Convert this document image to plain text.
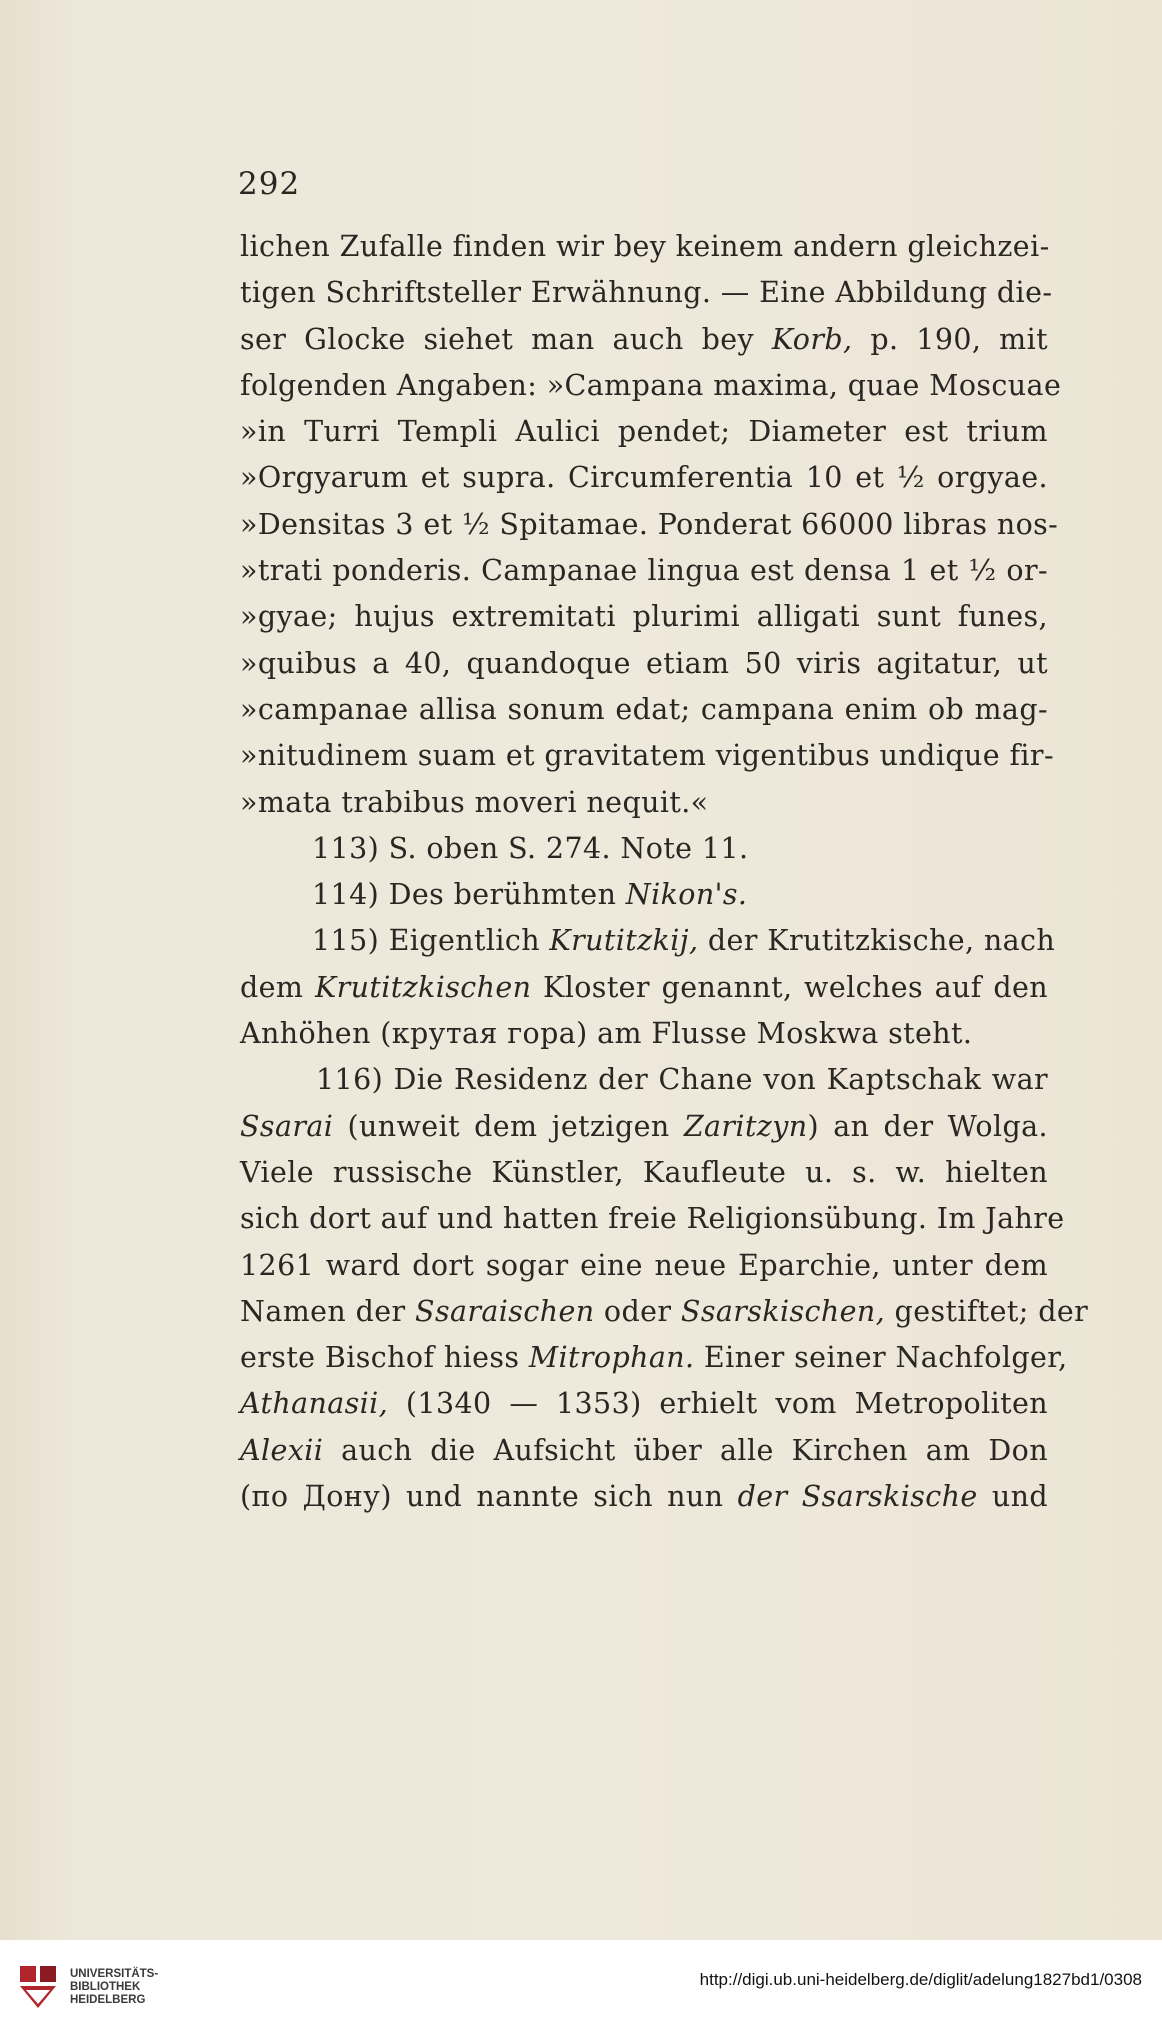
292
lichen Zufalle finden wir bey keinem andern gleichzei-
tigen Schriftsteller Erwähnung. — Eine Abbildung die-
ser Glocke siehet man auch bey Korb, p. 190, mit
folgenden Angaben: »Campana maxima, quae Moscuae
»in Turri Templi Aulici pendet; Diameter est trium
»Orgyarum et supra. Circumferentia 10 et ½ orgyae.
»Densitas 3 et ½ Spitamae. Ponderat 66000 libras nos-
»trati ponderis. Campanae lingua est densa 1 et ½ or-
»gyae; hujus extremitati plurimi alligati sunt funes,
»quibus a 40, quandoque etiam 50 viris agitatur, ut
»campanae allisa sonum edat; campana enim ob mag-
»nitudinem suam et gravitatem vigentibus undique fir-
»mata trabibus moveri nequit.«
113) S. oben S. 274. Note 11.
114) Des berühmten Nikon's.
115) Eigentlich Krutitzkij, der Krutitzkische, nach
dem Krutitzkischen Kloster genannt, welches auf den
Anhöhen (крутая гора) am Flusse Moskwa steht.
116) Die Residenz der Chane von Kaptschak war
Ssarai (unweit dem jetzigen Zaritzyn) an der Wolga.
Viele russische Künstler, Kaufleute u. s. w. hielten
sich dort auf und hatten freie Religionsübung. Im Jahre
1261 ward dort sogar eine neue Eparchie, unter dem
Namen der Ssaraischen oder Ssarskischen, gestiftet; der
erste Bischof hiess Mitrophan. Einer seiner Nachfolger,
Athanasii, (1340 — 1353) erhielt vom Metropoliten
Alexii auch die Aufsicht über alle Kirchen am Don
(по Дону) und nannte sich nun der Ssarskische und
UNIVERSITÄTS-
BIBLIOTHEK
HEIDELBERG
http://digi.ub.uni-heidelberg.de/diglit/adelung1827bd1/0308
